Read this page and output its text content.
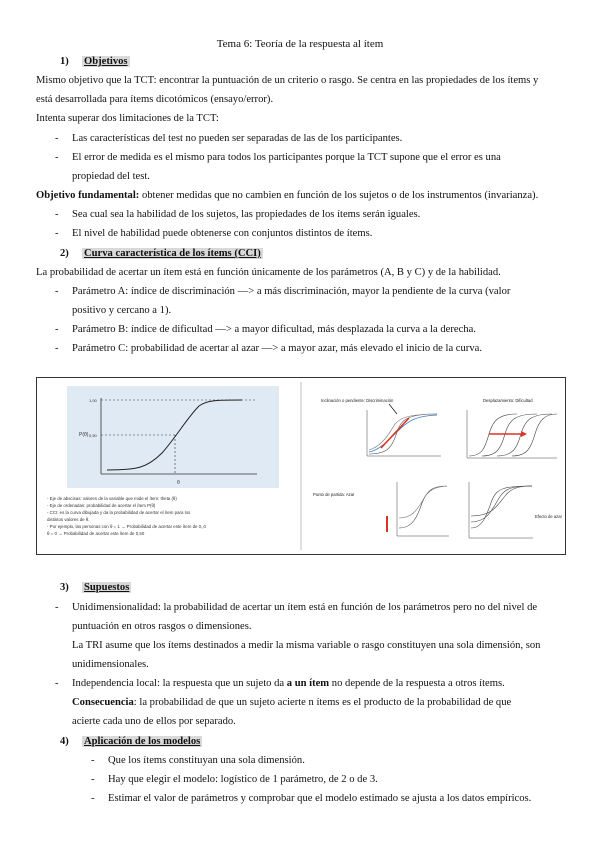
Tema 6: Teoría de la respuesta al ítem
1) Objetivos
Mismo objetivo que la TCT: encontrar la puntuación de un criterio o rasgo. Se centra en las propiedades de los ítems y
está desarrollada para ítems dicotómicos (ensayo/error).
Intenta superar dos limitaciones de la TCT:
- Las características del test no pueden ser separadas de las de los participantes.
- El error de medida es el mismo para todos los participantes porque la TCT supone que el error es una
propiedad del test.
Objetivo fundamental: obtener medidas que no cambien en función de los sujetos o de los instrumentos (invarianza).
- Sea cual sea la habilidad de los sujetos, las propiedades de los ítems serán iguales.
- El nivel de habilidad puede obtenerse con conjuntos distintos de ítems.
2) Curva característica de los ítems (CCI)
La probabilidad de acertar un ítem está en función únicamente de los parámetros (A, B y C) y de la habilidad.
- Parámetro A: índice de discriminación —> a más discriminación, mayor la pendiente de la curva (valor
positivo y cercano a 1).
- Parámetro B: índice de dificultad —> a mayor dificultad, más desplazada la curva a la derecha.
- Parámetro C: probabilidad de acertar al azar —> a mayor azar, más elevado el inicio de la curva.
1,00
0,50
P(θ)
θ
- Eje de abscisas: valores de la variable que mide el ítem: theta (θ) - Eje de ordenadas: probabilidad de acertar el ítem P(θ) - CCI: es la curva dibujada y da la probabilidad de acertar el ítem para los distintos valores de θ. - Por ejemplo, las personas con θ = 1 → Probabilidad de acertar este ítem de 0,,0 θ = 0 → Probabilidad de acertar este ítem de 0,50
Inclinación o pendiente: Discriminación	Desplazamiento: Dificultad
Punto de partida: Azar
Efecto de azar
3) Supuestos
- Unidimensionalidad: la probabilidad de acertar un ítem está en función de los parámetros pero no del nivel de
puntuación en otros rasgos o dimensiones.
La TRI asume que los ítems destinados a medir la misma variable o rasgo constituyen una sola dimensión, son
unidimensionales.
- Independencia local: la respuesta que un sujeto da a un ítem no depende de la respuesta a otros ítems.
Consecuencia: la probabilidad de que un sujeto acierte n ítems es el producto de la probabilidad de que
acierte cada uno de ellos por separado.
4) Aplicación de los modelos
- Que los ítems constituyan una sola dimensión.
- Hay que elegir el modelo: logístico de 1 parámetro, de 2 o de 3.
- Estimar el valor de parámetros y comprobar que el modelo estimado se ajusta a los datos empíricos.
